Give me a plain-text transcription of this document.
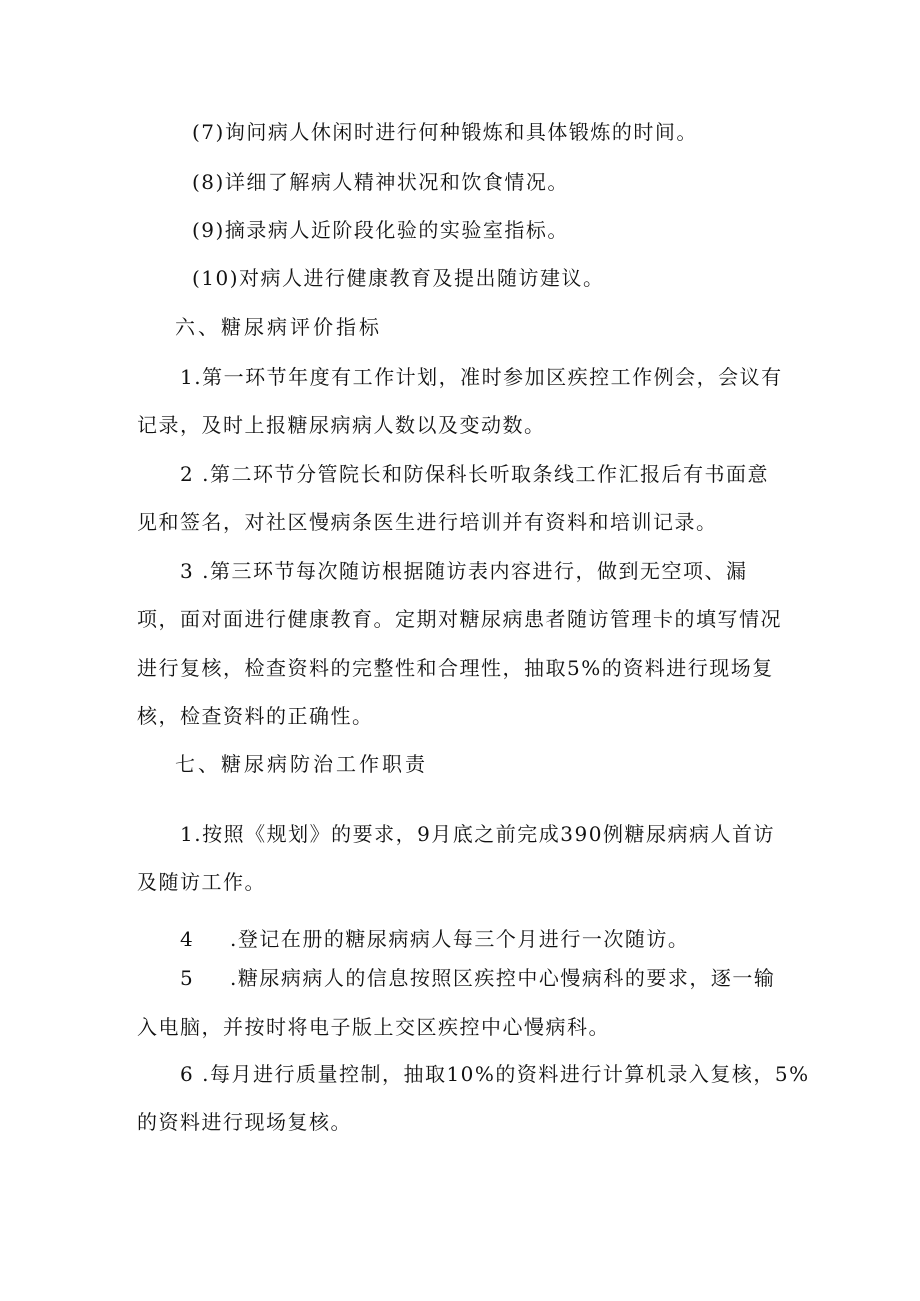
(7)询问病人休闲时进行何种锻炼和具体锻炼的时间。
(8)详细了解病人精神状况和饮食情况。
(9)摘录病人近阶段化验的实验室指标。
(10)对病人进行健康教育及提出随访建议。
六、糖尿病评价指标
1.第一环节年度有工作计划，准时参加区疾控工作例会，会议有
记录，及时上报糖尿病病人数以及变动数。
2 .第二环节分管院长和防保科长听取条线工作汇报后有书面意
见和签名，对社区慢病条医生进行培训并有资料和培训记录。
3 .第三环节每次随访根据随访表内容进行，做到无空项、漏
项，面对面进行健康教育。定期对糖尿病患者随访管理卡的填写情况
进行复核，检查资料的完整性和合理性，抽取5%的资料进行现场复
核，检查资料的正确性。
七、糖尿病防治工作职责
1.按照《规划》的要求，9月底之前完成390例糖尿病病人首访
及随访工作。
4 .登记在册的糖尿病病人每三个月进行一次随访。
5 .糖尿病病人的信息按照区疾控中心慢病科的要求，逐一输
入电脑，并按时将电子版上交区疾控中心慢病科。
6 .每月进行质量控制，抽取10%的资料进行计算机录入复核，5%
的资料进行现场复核。
